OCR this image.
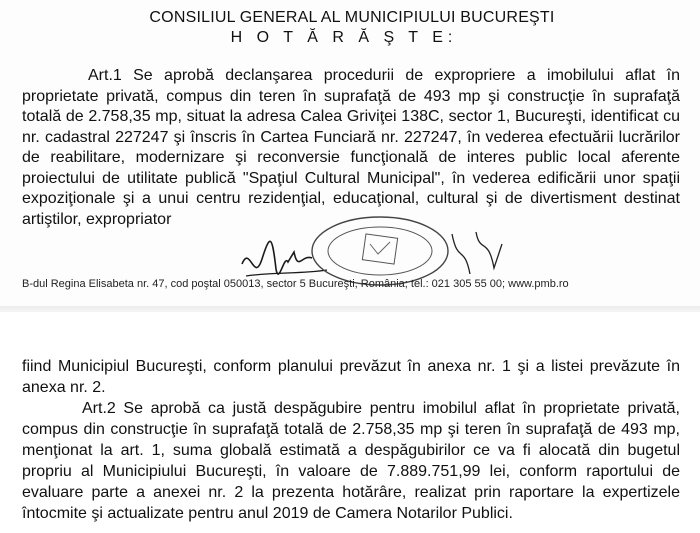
CONSILIUL GENERAL AL MUNICIPIULUI BUCUREŞTI
H O T Ă R Ă Ş T E:

Art.1 Se aprobă declanşarea procedurii de expropriere a imobilului aflat în proprietate privată, compus din teren în suprafaţă de 493 mp şi construcţie în suprafaţă totală de 2.758,35 mp, situat la adresa Calea Griviţei 138C, sector 1, Bucureşti, identificat cu nr. cadastral 227247 şi înscris în Cartea Funciară nr. 227247, în vederea efectuării lucrărilor de reabilitare, modernizare şi reconversie funcţională de interes public local aferente proiectului de utilitate publică "Spaţiul Cultural Municipal", în vederea edificării unor spaţii expoziţionale şi a unui centru rezidenţial, educaţional, cultural şi de divertisment destinat artiştilor, expropriator

B-dul Regina Elisabeta nr. 47, cod poştal 050013, sector 5 Bucureşti, România; tel.: 021 305 55 00; www.pmb.ro

fiind Municipiul Bucureşti, conform planului prevăzut în anexa nr. 1 şi a listei prevăzute în anexa nr. 2.

Art.2 Se aprobă ca justă despăgubire pentru imobilul aflat în proprietate privată, compus din construcţie în suprafaţă totală de 2.758,35 mp şi teren în suprafaţă de 493 mp, menţionat la art. 1, suma globală estimată a despăgubirilor ce va fi alocată din bugetul propriu al Municipiului Bucureşti, în valoare de 7.889.751,99 lei, conform raportului de evaluare parte a anexei nr. 2 la prezenta hotărâre, realizat prin raportare la expertizele întocmite şi actualizate pentru anul 2019 de Camera Notarilor Publici.
